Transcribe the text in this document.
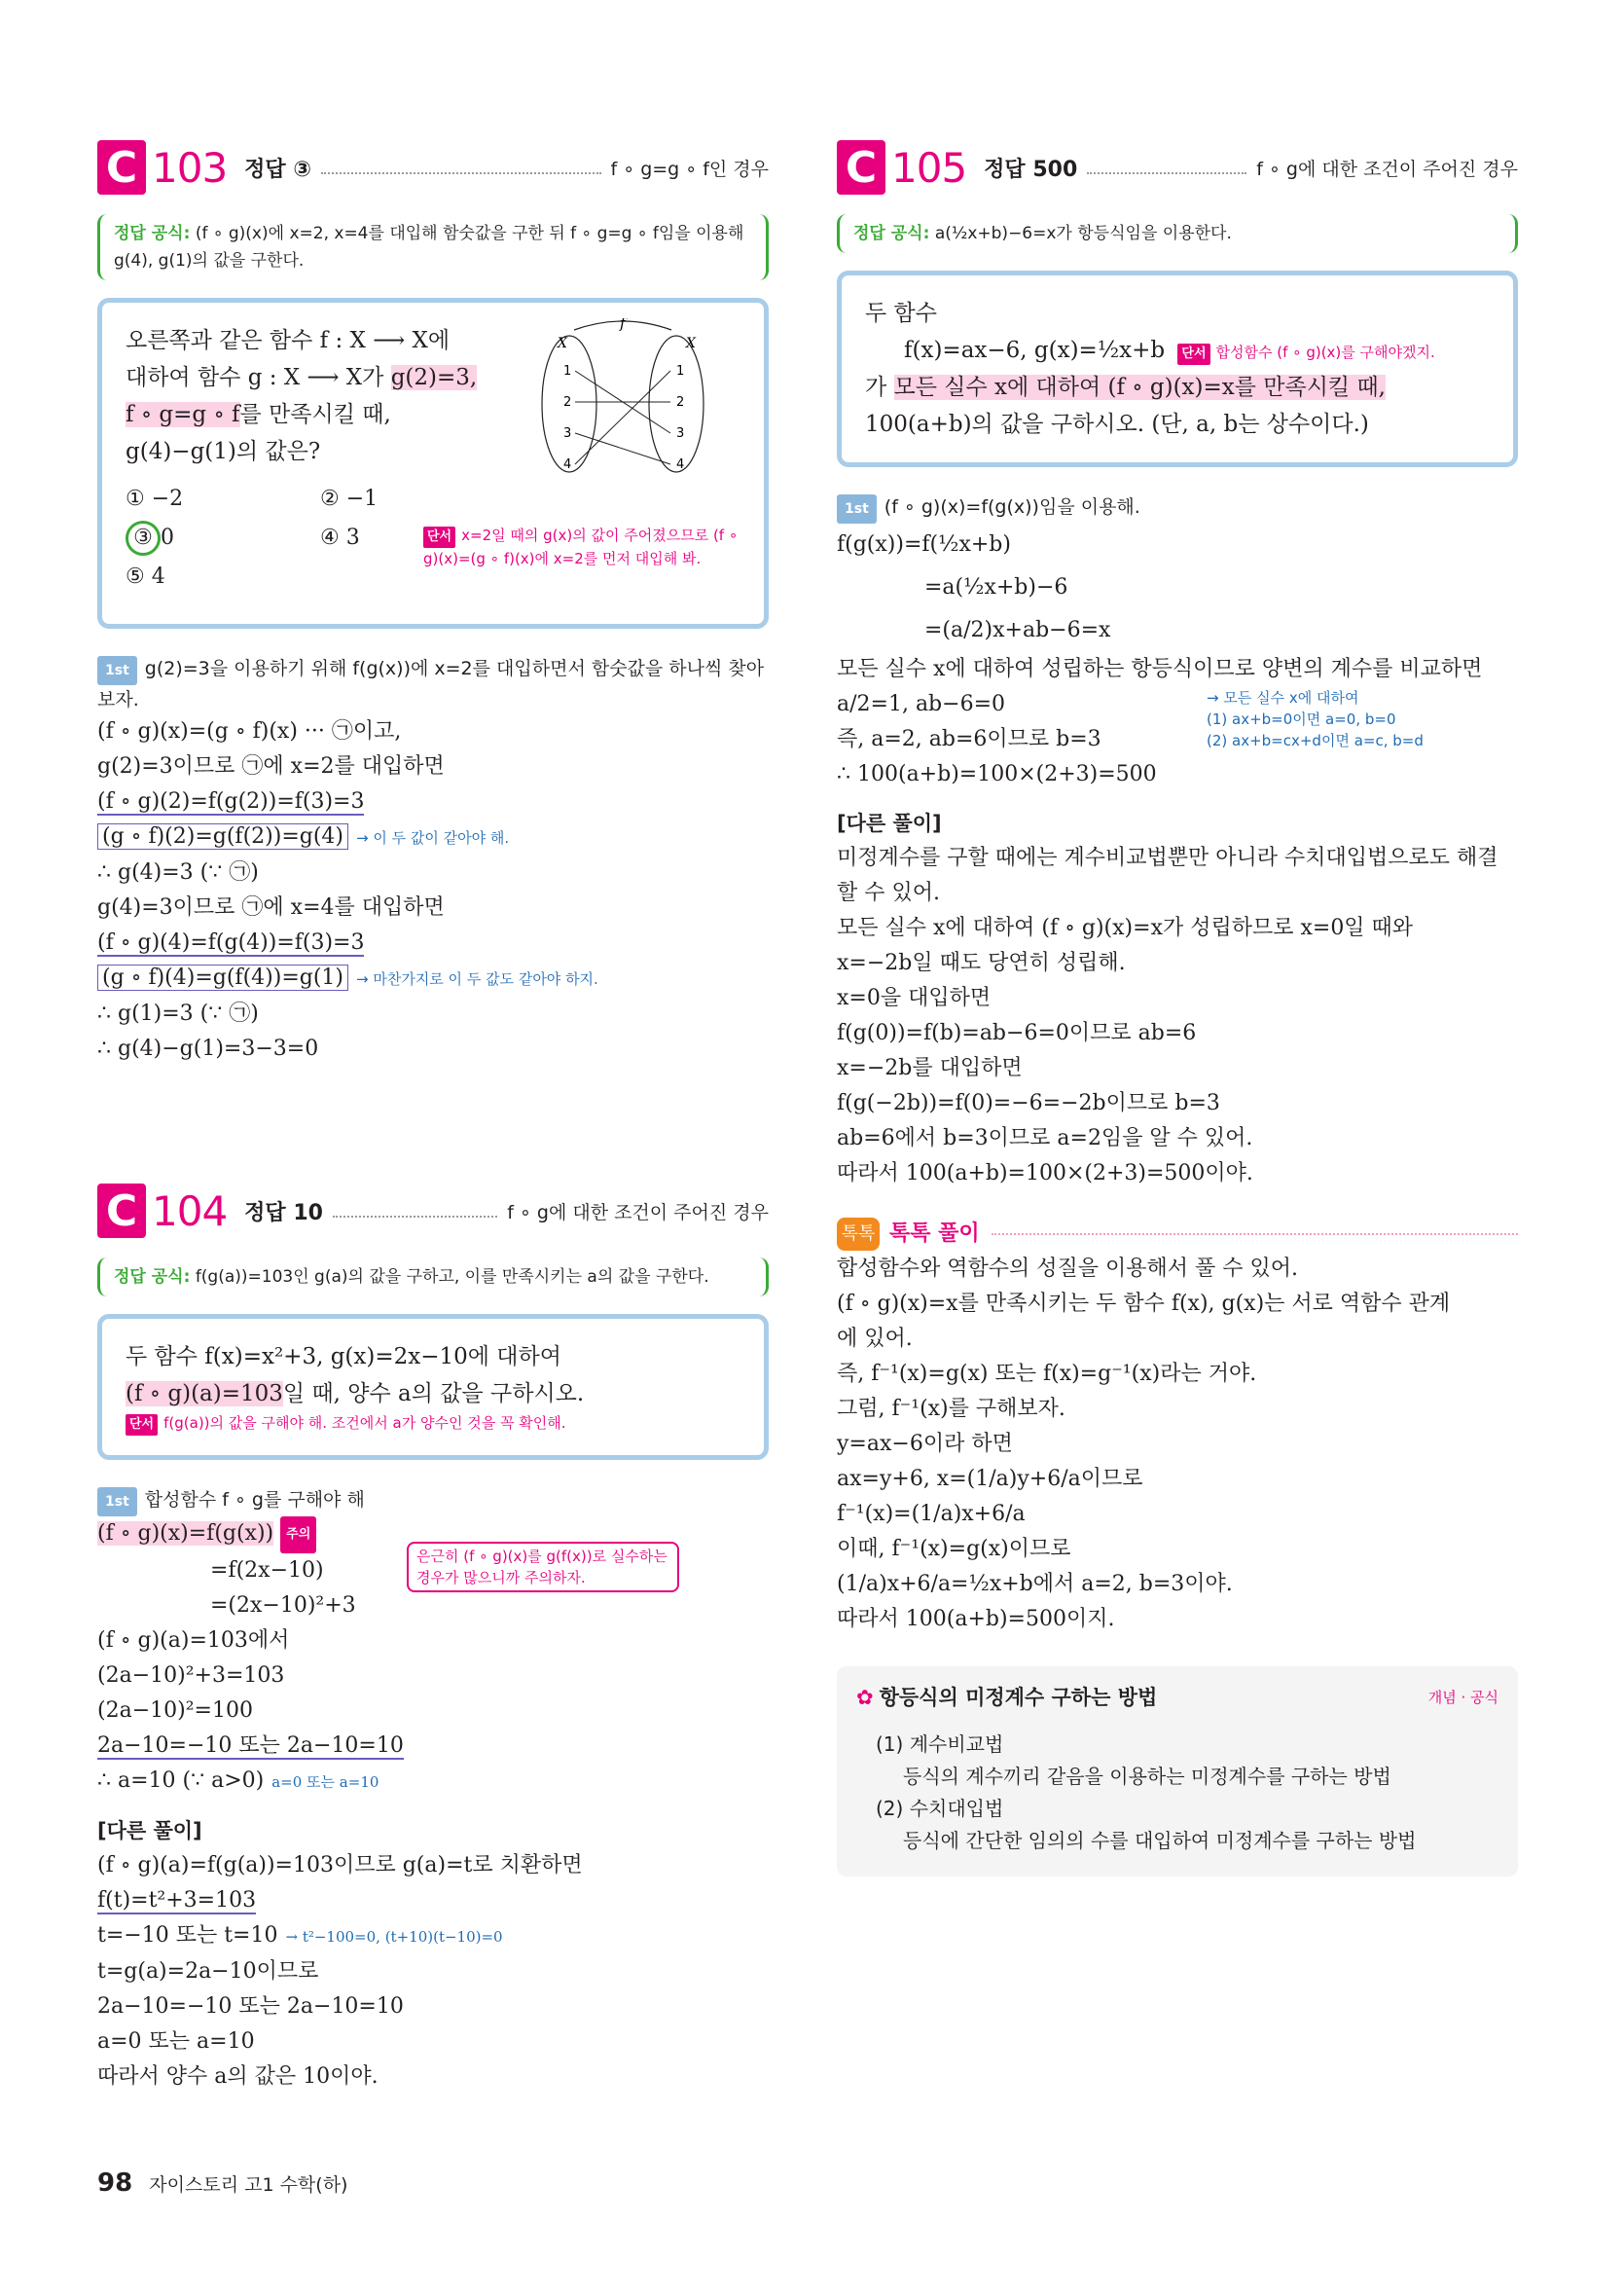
C 103 정답 ③	f ∘ g=g ∘ f인 경우
정답 공식: (f ∘ g)(x)에 x=2, x=4를 대입해 함숫값을 구한 뒤 f ∘ g=g ∘ f임을 이용해 g(4), g(1)의 값을 구한다.
오른쪽과 같은 함수 f : X ⟶ X에
대하여 함수 g : X ⟶ X가 g(2)=3,
f ∘ g=g ∘ f를 만족시킬 때,
g(4)−g(1)의 값은?
① −2	② −1
③ 0	④ 3
⑤ 4
f
X	X
1
2
3
4
1
2
3
4
단서 x=2일 때의 g(x)의 값이 주어졌으므로 (f ∘ g)(x)=(g ∘ f)(x)에 x=2를 먼저 대입해 봐.
1st g(2)=3을 이용하기 위해 f(g(x))에 x=2를 대입하면서 함숫값을 하나씩 찾아보자.
(f ∘ g)(x)=(g ∘ f)(x) ··· ㉠이고,
g(2)=3이므로 ㉠에 x=2를 대입하면
(f ∘ g)(2)=f(g(2))=f(3)=3
(g ∘ f)(2)=g(f(2))=g(4) → 이 두 값이 같아야 해.
∴ g(4)=3 (∵ ㉠)
g(4)=3이므로 ㉠에 x=4를 대입하면
(f ∘ g)(4)=f(g(4))=f(3)=3
(g ∘ f)(4)=g(f(4))=g(1) → 마찬가지로 이 두 값도 같아야 하지.
∴ g(1)=3 (∵ ㉠)
∴ g(4)−g(1)=3−3=0
C 104 정답 10	f ∘ g에 대한 조건이 주어진 경우
정답 공식: f(g(a))=103인 g(a)의 값을 구하고, 이를 만족시키는 a의 값을 구한다.
두 함수 f(x)=x²+3, g(x)=2x−10에 대하여
(f ∘ g)(a)=103일 때, 양수 a의 값을 구하시오.
단서 f(g(a))의 값을 구해야 해. 조건에서 a가 양수인 것을 꼭 확인해.
1st 합성함수 f ∘ g를 구해야 해
(f ∘ g)(x)=f(g(x)) 주의
=f(2x−10)
은근히 (f ∘ g)(x)를 g(f(x))로 실수하는 경우가 많으니까 주의하자.
=(2x−10)²+3
(f ∘ g)(a)=103에서
(2a−10)²+3=103
(2a−10)²=100
2a−10=−10 또는 2a−10=10
∴ a=10 (∵ a>0) a=0 또는 a=10
[다른 풀이]
(f ∘ g)(a)=f(g(a))=103이므로 g(a)=t로 치환하면
f(t)=t²+3=103
t=−10 또는 t=10 → t²−100=0, (t+10)(t−10)=0
t=g(a)=2a−10이므로
2a−10=−10 또는 2a−10=10
a=0 또는 a=10
따라서 양수 a의 값은 10이야.
C 105 정답 500	f ∘ g에 대한 조건이 주어진 경우
정답 공식: a(½x+b)−6=x가 항등식임을 이용한다.
두 함수
f(x)=ax−6, g(x)=½x+b 단서 합성함수 (f ∘ g)(x)를 구해야겠지.
가 모든 실수 x에 대하여 (f ∘ g)(x)=x를 만족시킬 때,
100(a+b)의 값을 구하시오. (단, a, b는 상수이다.)
1st (f ∘ g)(x)=f(g(x))임을 이용해.
f(g(x))=f(½x+b)
=a(½x+b)−6
=(a/2)x+ab−6=x
모든 실수 x에 대하여 성립하는 항등식이므로 양변의 계수를 비교하면
a/2=1, ab−6=0
즉, a=2, ab=6이므로 b=3
∴ 100(a+b)=100×(2+3)=500
→ 모든 실수 x에 대하여
(1) ax+b=0이면 a=0, b=0
(2) ax+b=cx+d이면 a=c, b=d
[다른 풀이]
미정계수를 구할 때에는 계수비교법뿐만 아니라 수치대입법으로도 해결
할 수 있어.
모든 실수 x에 대하여 (f ∘ g)(x)=x가 성립하므로 x=0일 때와
x=−2b일 때도 당연히 성립해.
x=0을 대입하면
f(g(0))=f(b)=ab−6=0이므로 ab=6
x=−2b를 대입하면
f(g(−2b))=f(0)=−6=−2b이므로 b=3
ab=6에서 b=3이므로 a=2임을 알 수 있어.
따라서 100(a+b)=100×(2+3)=500이야.
톡톡 톡톡 풀이
합성함수와 역함수의 성질을 이용해서 풀 수 있어.
(f ∘ g)(x)=x를 만족시키는 두 함수 f(x), g(x)는 서로 역함수 관계
에 있어.
즉, f⁻¹(x)=g(x) 또는 f(x)=g⁻¹(x)라는 거야.
그럼, f⁻¹(x)를 구해보자.
y=ax−6이라 하면
ax=y+6, x=(1/a)y+6/a이므로
f⁻¹(x)=(1/a)x+6/a
이때, f⁻¹(x)=g(x)이므로
(1/a)x+6/a=½x+b에서 a=2, b=3이야.
따라서 100(a+b)=500이지.
✿ 항등식의 미정계수 구하는 방법	개념 · 공식
(1) 계수비교법
등식의 계수끼리 같음을 이용하는 미정계수를 구하는 방법
(2) 수치대입법
등식에 간단한 임의의 수를 대입하여 미정계수를 구하는 방법
98 자이스토리 고1 수학(하)
